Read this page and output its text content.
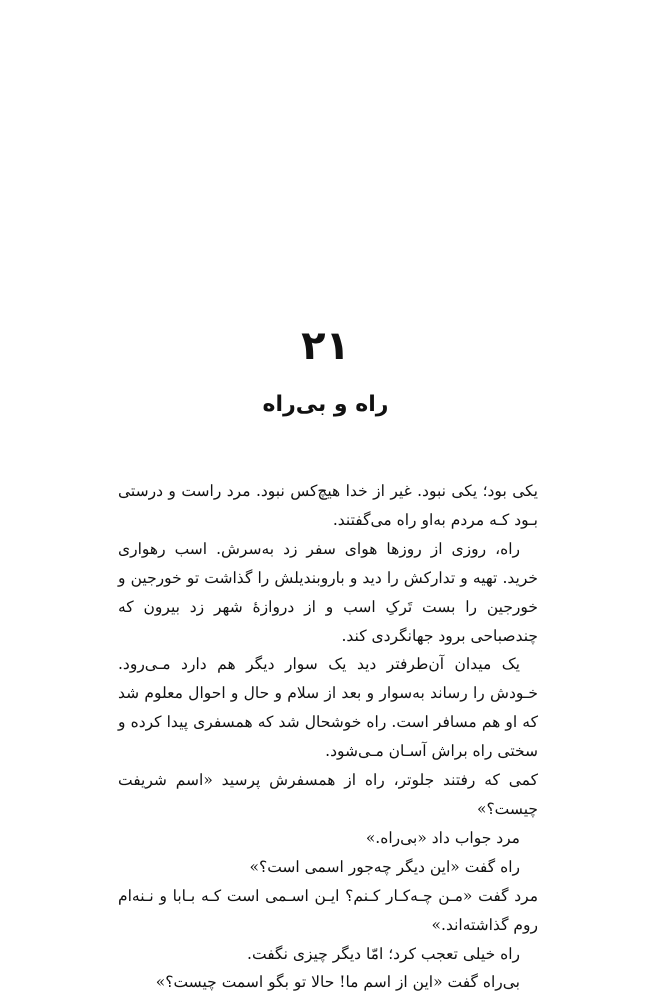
۲۱
راه و بی‌راه

یکی بود؛ یکی نبود. غیر از خدا هیچ‌کس نبود. مرد راست و درستی بـود کـه مردم به‌او راه می‌گفتند.

راه، روزی از روزها هوای سفر زد به‌سرش. اسب رهواری خرید. تهیه و تدارکش را دید و باروبندیلش را گذاشت تو خورجین و خورجین را بست تَرکِ اسب و از دروازهٔ شهر زد بیرون که چندصباحی برود جهانگردی کند.

یک میدان آن‌طرفتر دید یک سوار دیگر هم دارد مـی‌رود. خـودش را رساند به‌سوار و بعد از سلام و حال و احوال معلوم شد که او هم مسافر است. راه خوشحال شد که همسفری پیدا کرده و سختی راه براش آسـان مـی‌شود.

کمی که رفتند جلوتر، راه از همسفرش پرسید «اسم شریفت چیست؟»

مرد جواب داد «بی‌راه.»

راه گفت «این دیگر چه‌جور اسمی است؟»

مرد گفت «مـن چـه‌کـار کـنم؟ ایـن اسـمی است کـه بـابا و نـنه‌ام روم گذاشته‌اند.»

راه خیلی تعجب کرد؛ امّا دیگر چیزی نگفت.

بی‌راه گفت «این از اسم ما! حالا تو بگو اسمت چیست؟»
